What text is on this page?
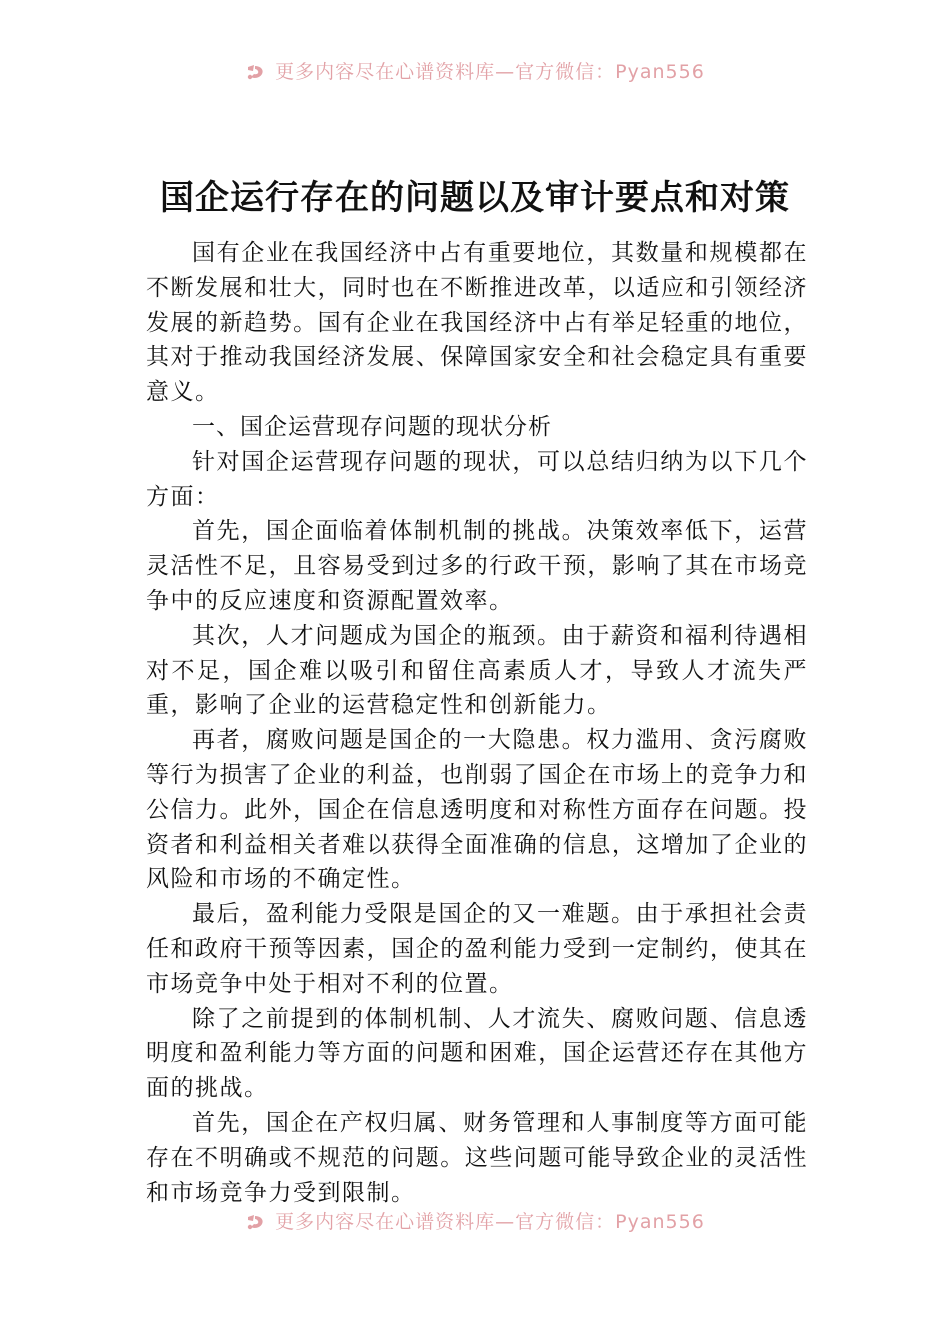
更多内容尽在心谱资料库—官方微信：Pyan556
国企运行存在的问题以及审计要点和对策

国有企业在我国经济中占有重要地位，其数量和规模都在不断发展和壮大，同时也在不断推进改革，以适应和引领经济发展的新趋势。国有企业在我国经济中占有举足轻重的地位，其对于推动我国经济发展、保障国家安全和社会稳定具有重要意义。

一、国企运营现存问题的现状分析

针对国企运营现存问题的现状，可以总结归纳为以下几个方面：

首先，国企面临着体制机制的挑战。决策效率低下，运营灵活性不足，且容易受到过多的行政干预，影响了其在市场竞争中的反应速度和资源配置效率。

其次，人才问题成为国企的瓶颈。由于薪资和福利待遇相对不足，国企难以吸引和留住高素质人才，导致人才流失严重，影响了企业的运营稳定性和创新能力。

再者，腐败问题是国企的一大隐患。权力滥用、贪污腐败等行为损害了企业的利益，也削弱了国企在市场上的竞争力和公信力。此外，国企在信息透明度和对称性方面存在问题。投资者和利益相关者难以获得全面准确的信息，这增加了企业的风险和市场的不确定性。

最后，盈利能力受限是国企的又一难题。由于承担社会责任和政府干预等因素，国企的盈利能力受到一定制约，使其在市场竞争中处于相对不利的位置。

除了之前提到的体制机制、人才流失、腐败问题、信息透明度和盈利能力等方面的问题和困难，国企运营还存在其他方面的挑战。

首先，国企在产权归属、财务管理和人事制度等方面可能存在不明确或不规范的问题。这些问题可能导致企业的灵活性和市场竞争力受到限制。

更多内容尽在心谱资料库—官方微信：Pyan556
